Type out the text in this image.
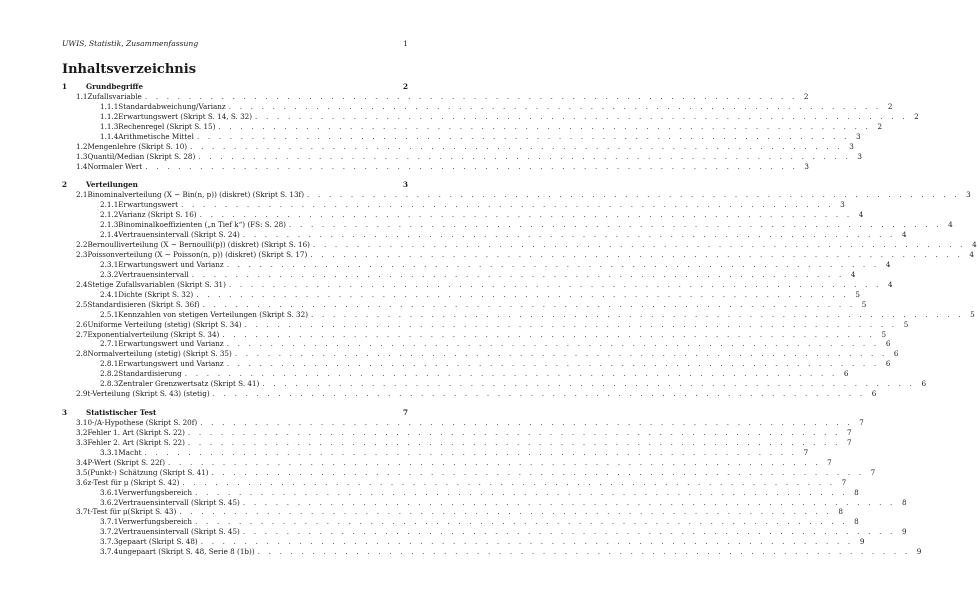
UWIS, Statistik, Zusammenfassung	1
Inhaltsverzeichnis
1	Grundbegriffe	2
1.1 Zufallsvariable . . . . . . . . . . . . . . . . . . . . . . . . . . . . . . . . . . . . . . . . . . . . . . . . . . . . . . . . . . . . 2
1.1.1 Standardabweichung/Varianz . . . . . . . . . . . . . . . . . . . . . . . . . . . . . . . . . . . . . . . . . . . . . . . . . . . . . . . . . . . . 2
1.1.2 Erwartungswert (Skript S. 14, S. 32) . . . . . . . . . . . . . . . . . . . . . . . . . . . . . . . . . . . . . . . . . . . . . . . . . . . . . . . . . . . . 2
1.1.3 Rechenregel (Skript S. 15) . . . . . . . . . . . . . . . . . . . . . . . . . . . . . . . . . . . . . . . . . . . . . . . . . . . . . . . . . . . . 2
1.1.4 Arithmetische Mittel . . . . . . . . . . . . . . . . . . . . . . . . . . . . . . . . . . . . . . . . . . . . . . . . . . . . . . . . . . . . 3
1.2 Mengenlehre (Skript S. 10) . . . . . . . . . . . . . . . . . . . . . . . . . . . . . . . . . . . . . . . . . . . . . . . . . . . . . . . . . . . . 3
1.3 Quantil/Median (Skript S. 28) . . . . . . . . . . . . . . . . . . . . . . . . . . . . . . . . . . . . . . . . . . . . . . . . . . . . . . . . . . . . 3
1.4 Normaler Wert . . . . . . . . . . . . . . . . . . . . . . . . . . . . . . . . . . . . . . . . . . . . . . . . . . . . . . . . . . . . 3
2	Verteilungen	3
2.1 Binominalverteilung (X ∼ Bin(n, p)) (diskret) (Skript S. 13f) . . . . . . . . . . . . . . . . . . . . . . . . . . . . . . . . . . . . . . . . . . . . . . . . . . . . . . . . . . . . 3
2.1.1 Erwartungswert . . . . . . . . . . . . . . . . . . . . . . . . . . . . . . . . . . . . . . . . . . . . . . . . . . . . . . . . . . . . 3
2.1.2 Varianz (Skript S. 16) . . . . . . . . . . . . . . . . . . . . . . . . . . . . . . . . . . . . . . . . . . . . . . . . . . . . . . . . . . . . 4
2.1.3 Binominalkoeffizienten („n Tief k“) (FS: S. 28) . . . . . . . . . . . . . . . . . . . . . . . . . . . . . . . . . . . . . . . . . . . . . . . . . . . . . . . . . . . . 4
2.1.4 Vertrauensintervall (Skript S. 24) . . . . . . . . . . . . . . . . . . . . . . . . . . . . . . . . . . . . . . . . . . . . . . . . . . . . . . . . . . . . 4
2.2 Bernoulliverteilung (X ∼ Bernoulli(p)) (diskret) (Skript S. 16) . . . . . . . . . . . . . . . . . . . . . . . . . . . . . . . . . . . . . . . . . . . . . . . . . . . . . . . . . . . . 4
2.3 Poissonverteilung (X ∼ Poisson(n, p)) (diskret) (Skript S. 17) . . . . . . . . . . . . . . . . . . . . . . . . . . . . . . . . . . . . . . . . . . . . . . . . . . . . . . . . . . . . 4
2.3.1 Erwartungswert und Varianz . . . . . . . . . . . . . . . . . . . . . . . . . . . . . . . . . . . . . . . . . . . . . . . . . . . . . . . . . . . . 4
2.3.2 Vertrauensintervall . . . . . . . . . . . . . . . . . . . . . . . . . . . . . . . . . . . . . . . . . . . . . . . . . . . . . . . . . . . . 4
2.4 Stetige Zufallsvariablen (Skript S. 31) . . . . . . . . . . . . . . . . . . . . . . . . . . . . . . . . . . . . . . . . . . . . . . . . . . . . . . . . . . . . 4
2.4.1 Dichte (Skript S. 32) . . . . . . . . . . . . . . . . . . . . . . . . . . . . . . . . . . . . . . . . . . . . . . . . . . . . . . . . . . . . 5
2.5 Standardisieren (Skript S. 36f) . . . . . . . . . . . . . . . . . . . . . . . . . . . . . . . . . . . . . . . . . . . . . . . . . . . . . . . . . . . . 5
2.5.1 Kennzahlen von stetigen Verteilungen (Skript S. 32) . . . . . . . . . . . . . . . . . . . . . . . . . . . . . . . . . . . . . . . . . . . . . . . . . . . . . . . . . . . . 5
2.6 Uniforme Verteilung (stetig) (Skript S. 34) . . . . . . . . . . . . . . . . . . . . . . . . . . . . . . . . . . . . . . . . . . . . . . . . . . . . . . . . . . . . 5
2.7 Exponentialverteilung (Skript S. 34) . . . . . . . . . . . . . . . . . . . . . . . . . . . . . . . . . . . . . . . . . . . . . . . . . . . . . . . . . . . . 5
2.7.1 Erwartungswert und Varianz . . . . . . . . . . . . . . . . . . . . . . . . . . . . . . . . . . . . . . . . . . . . . . . . . . . . . . . . . . . . 6
2.8 Normalverteilung (stetig) (Skript S. 35) . . . . . . . . . . . . . . . . . . . . . . . . . . . . . . . . . . . . . . . . . . . . . . . . . . . . . . . . . . . . 6
2.8.1 Erwartungswert und Varianz . . . . . . . . . . . . . . . . . . . . . . . . . . . . . . . . . . . . . . . . . . . . . . . . . . . . . . . . . . . . 6
2.8.2 Standardisierung . . . . . . . . . . . . . . . . . . . . . . . . . . . . . . . . . . . . . . . . . . . . . . . . . . . . . . . . . . . . 6
2.8.3 Zentraler Grenzwertsatz (Skript S. 41) . . . . . . . . . . . . . . . . . . . . . . . . . . . . . . . . . . . . . . . . . . . . . . . . . . . . . . . . . . . . 6
2.9 t-Verteilung (Skript S. 43) (stetig) . . . . . . . . . . . . . . . . . . . . . . . . . . . . . . . . . . . . . . . . . . . . . . . . . . . . . . . . . . . . 6
3	Statistischer Test	7
3.1 0-/A-Hypothese (Skript S. 20f) . . . . . . . . . . . . . . . . . . . . . . . . . . . . . . . . . . . . . . . . . . . . . . . . . . . . . . . . . . . . 7
3.2 Fehler 1. Art (Skript S. 22) . . . . . . . . . . . . . . . . . . . . . . . . . . . . . . . . . . . . . . . . . . . . . . . . . . . . . . . . . . . . 7
3.3 Fehler 2. Art (Skript S. 22) . . . . . . . . . . . . . . . . . . . . . . . . . . . . . . . . . . . . . . . . . . . . . . . . . . . . . . . . . . . . 7
3.3.1 Macht . . . . . . . . . . . . . . . . . . . . . . . . . . . . . . . . . . . . . . . . . . . . . . . . . . . . . . . . . . . . 7
3.4 P-Wert (Skript S. 22f) . . . . . . . . . . . . . . . . . . . . . . . . . . . . . . . . . . . . . . . . . . . . . . . . . . . . . . . . . . . . 7
3.5 (Punkt-) Schätzung (Skript S. 41) . . . . . . . . . . . . . . . . . . . . . . . . . . . . . . . . . . . . . . . . . . . . . . . . . . . . . . . . . . . . 7
3.6 z-Test für μ (Skript S. 42) . . . . . . . . . . . . . . . . . . . . . . . . . . . . . . . . . . . . . . . . . . . . . . . . . . . . . . . . . . . . 7
3.6.1 Verwerfungsbereich . . . . . . . . . . . . . . . . . . . . . . . . . . . . . . . . . . . . . . . . . . . . . . . . . . . . . . . . . . . . 8
3.6.2 Vertrauensintervall (Skript S. 45) . . . . . . . . . . . . . . . . . . . . . . . . . . . . . . . . . . . . . . . . . . . . . . . . . . . . . . . . . . . . 8
3.7 t-Test für μ(Skript S. 43) . . . . . . . . . . . . . . . . . . . . . . . . . . . . . . . . . . . . . . . . . . . . . . . . . . . . . . . . . . . . 8
3.7.1 Verwerfungsbereich . . . . . . . . . . . . . . . . . . . . . . . . . . . . . . . . . . . . . . . . . . . . . . . . . . . . . . . . . . . . 8
3.7.2 Vertrauensintervall (Skript S. 45) . . . . . . . . . . . . . . . . . . . . . . . . . . . . . . . . . . . . . . . . . . . . . . . . . . . . . . . . . . . . 9
3.7.3 gepaart (Skript S. 48) . . . . . . . . . . . . . . . . . . . . . . . . . . . . . . . . . . . . . . . . . . . . . . . . . . . . . . . . . . . . 9
3.7.4 ungepaart (Skript S. 48, Serie 8 (1b)) . . . . . . . . . . . . . . . . . . . . . . . . . . . . . . . . . . . . . . . . . . . . . . . . . . . . . . . . . . . . 9
